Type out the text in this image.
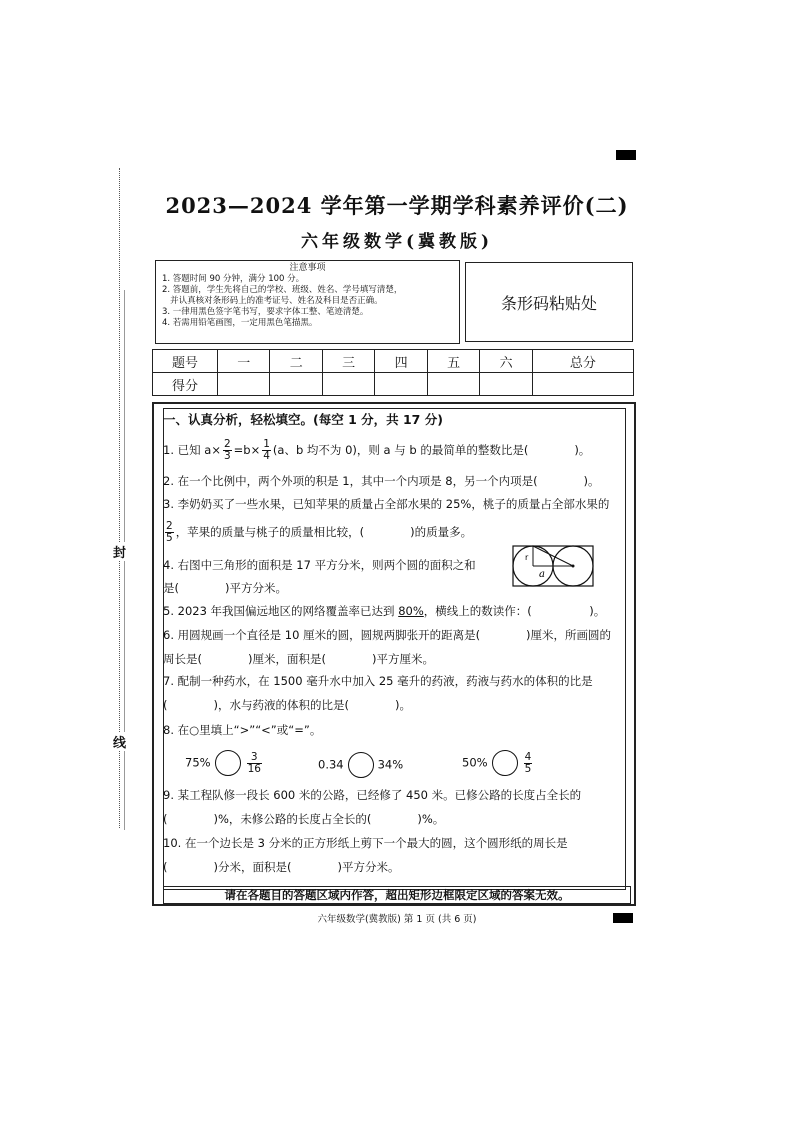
封
线
2023—2024 学年第一学期学科素养评价(二)
六年级数学(冀教版)
注意事项
1. 答题时间 90 分钟，满分 100 分。
2. 答题前，学生先将自己的学校、班级、姓名、学号填写清楚，
并认真核对条形码上的准考证号、姓名及科目是否正确。
3. 一律用黑色签字笔书写，要求字体工整、笔迹清楚。
4. 若需用铅笔画图，一定用黑色笔描黑。
条形码粘贴处
题号	一	二	三	四	五	六	总分
得分							
一、认真分析，轻松填空。(每空 1 分，共 17 分)
1. 已知 $a\times \frac{2}{3} =b\times \frac{1}{4} (a$、b 均不为 0)，则 a 与 b 的最简单的整数比是(　　　　)。
2. 在一个比例中，两个外项的积是 1，其中一个内项是 8，另一个内项是(　　　　)。
3. 李奶奶买了一些水果，已知苹果的质量占全部水果的 25%，桃子的质量占全部水果的
$\frac{2}{5}$ ，苹果的质量与桃子的质量相比较，(　　　　)的质量多。
4. 右图中三角形的面积是 17 平方分米，则两个圆的面积之和
是(　　　　)平方分米。
r
a
5. 2023 年我国偏远地区的网络覆盖率已达到 80%，横线上的数读作：(　　　　　)。
6. 用圆规画一个直径是 10 厘米的圆，圆规两脚张开的距离是(　　　　)厘米，所画圆的
周长是(　　　　)厘米，面积是(　　　　)平方厘米。
7. 配制一种药水，在 1500 毫升水中加入 25 毫升的药液，药液与药水的体积的比是
(　　　　)，水与药液的体积的比是(　　　　)。
8. 在○里填上“>”“<”或“=”。
75%	$\frac{3}{16}$	0.34	34%	50%	$\frac{4}{5}$
9. 某工程队修一段长 600 米的公路，已经修了 450 米。已修公路的长度占全长的
(　　　　)%，未修公路的长度占全长的(　　　　)%。
10. 在一个边长是 3 分米的正方形纸上剪下一个最大的圆，这个圆形纸的周长是
(　　　　)分米，面积是(　　　　)平方分米。
请在各题目的答题区域内作答，超出矩形边框限定区域的答案无效。
六年级数学(冀教版) 第 1 页 (共 6 页)
